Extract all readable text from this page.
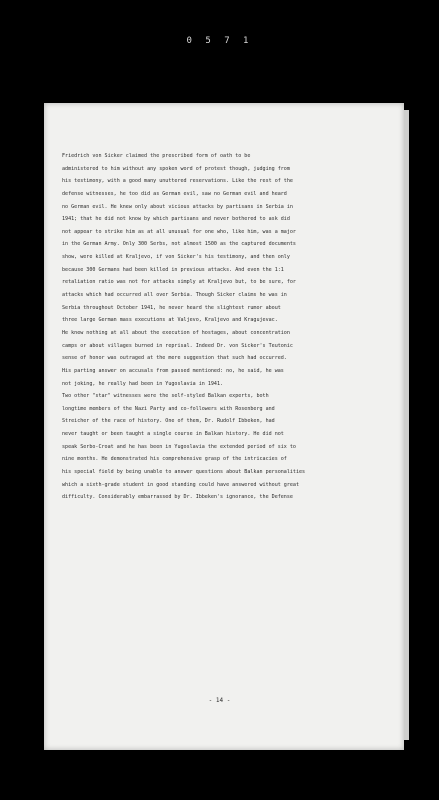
0 5 7 1
Friedrich von Sicker claimed the prescribed form of oath to be
administered to him without any spoken word of protest though, judging from
his testimony, with a good many unuttered reservations. Like the rest of the
defense witnesses, he too did as German evil, saw no German evil and heard
no German evil. He knew only about vicious attacks by partisans in Serbia in
1941; that he did not know by which partisans and never bothered to ask did
not appear to strike him as at all unusual for one who, like him, was a major
in the German Army. Only 300 Serbs, not almost 1500 as the captured documents
show, were killed at Kraljevo, if von Sicker's his testimony, and then only
because 300 Germans had been killed in previous attacks. And even the 1:1
retaliation ratio was not for attacks simply at Kraljevo but, to be sure, for
attacks which had occurred all over Serbia. Though Sicker claims he was in
Serbia throughout October 1941, he never heard the slightest rumor about
three large German mass executions at Valjevo, Kraljevo and Kragujevac.
He knew nothing at all about the execution of hostages, about concentration
camps or about villages burned in reprisal. Indeed Dr. von Sicker's Teutonic
sense of honor was outraged at the mere suggestion that such had occurred.
His parting answer on accusals from passed mentioned: no, he said, he was
not joking, he really had been in Yugoslavia in 1941.
Two other "star" witnesses were the self-styled Balkan experts, both
longtime members of the Nazi Party and co-followers with Rosenberg and
Streicher of the race of history. One of them, Dr. Rudolf Ibbeken, had
never taught or been taught a single course in Balkan history. He did not
speak Serbo-Croat and he has been in Yugoslavia the extended period of six to
nine months. He demonstrated his comprehensive grasp of the intricacies of
his special field by being unable to answer questions about Balkan personalities
which a sixth-grade student in good standing could have answered without great
difficulty. Considerably embarrassed by Dr. Ibbeken's ignorance, the Defense
- 14 -
